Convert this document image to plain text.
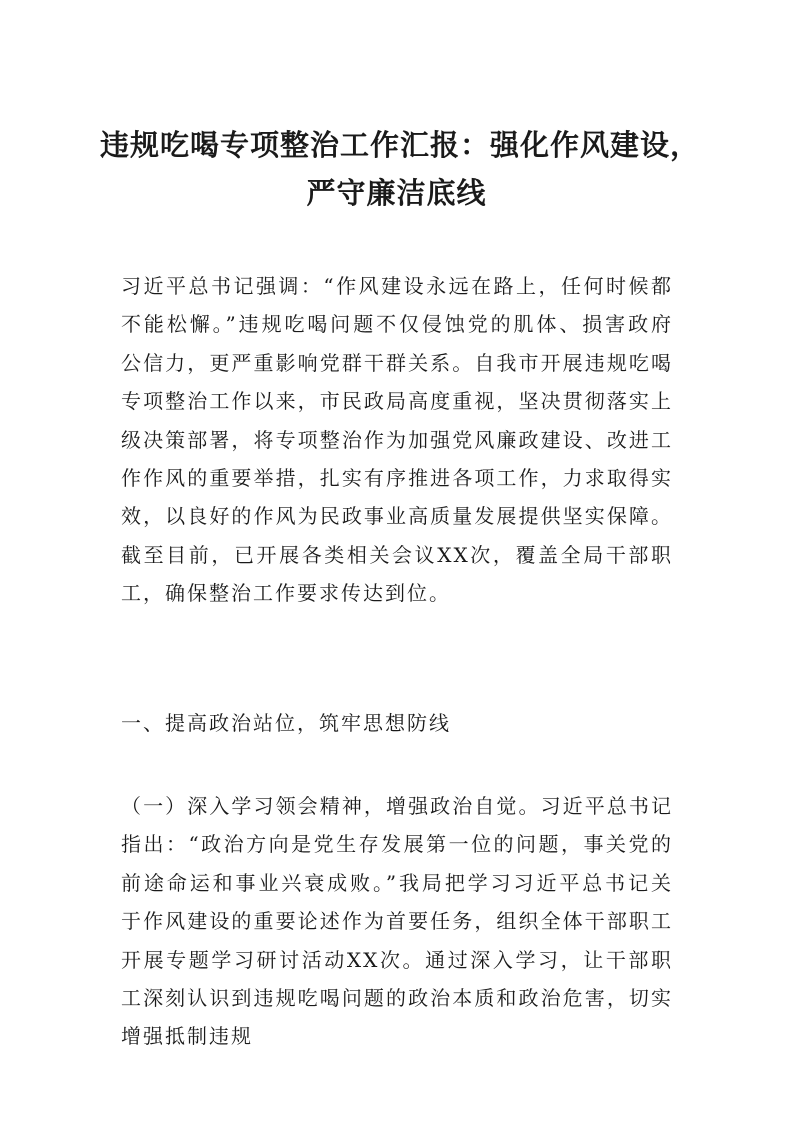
违规吃喝专项整治工作汇报：强化作风建设，
严守廉洁底线

习近平总书记强调：“作风建设永远在路上，任何时候都不能松懈。”违规吃喝问题不仅侵蚀党的肌体、损害政府公信力，更严重影响党群干群关系。自我市开展违规吃喝专项整治工作以来，市民政局高度重视，坚决贯彻落实上级决策部署，将专项整治作为加强党风廉政建设、改进工作作风的重要举措，扎实有序推进各项工作，力求取得实效，以良好的作风为民政事业高质量发展提供坚实保障。截至目前，已开展各类相关会议XX次，覆盖全局干部职工，确保整治工作要求传达到位。

一、提高政治站位，筑牢思想防线

（一）深入学习领会精神，增强政治自觉。习近平总书记指出：“政治方向是党生存发展第一位的问题，事关党的前途命运和事业兴衰成败。”我局把学习习近平总书记关于作风建设的重要论述作为首要任务，组织全体干部职工开展专题学习研讨活动XX次。通过深入学习，让干部职工深刻认识到违规吃喝问题的政治本质和政治危害，切实增强抵制违规
